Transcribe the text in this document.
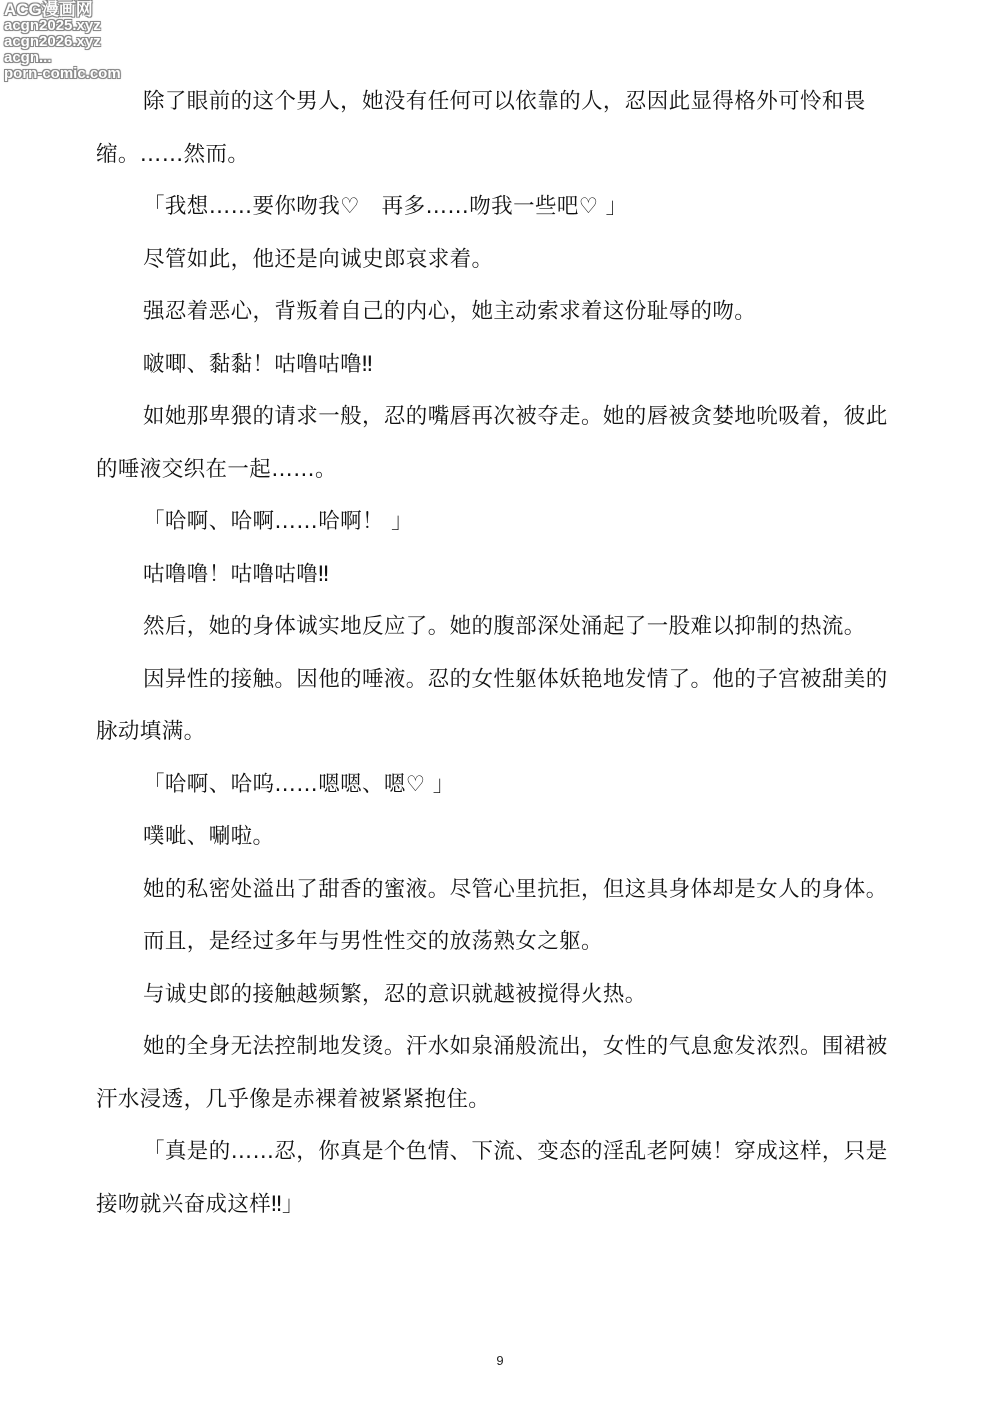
ACG漫画网
acgn2025.xyz
acgn2026.xyz
acgn...
porn-comic.com

除了眼前的这个男人，她没有任何可以依靠的人，忍因此显得格外可怜和畏缩。……然而。

「我想……要你吻我♡　再多……吻我一些吧♡ 」

尽管如此，他还是向诚史郎哀求着。

强忍着恶心，背叛着自己的内心，她主动索求着这份耻辱的吻。

啵唧、黏黏！咕噜咕噜‼

如她那卑猥的请求一般，忍的嘴唇再次被夺走。她的唇被贪婪地吮吸着，彼此的唾液交织在一起……。

「哈啊、哈啊……哈啊！ 」

咕噜噜！咕噜咕噜‼

然后，她的身体诚实地反应了。她的腹部深处涌起了一股难以抑制的热流。

因异性的接触。因他的唾液。忍的女性躯体妖艳地发情了。他的子宫被甜美的脉动填满。

「哈啊、哈呜……嗯嗯、嗯♡ 」

噗呲、唰啦。

她的私密处溢出了甜香的蜜液。尽管心里抗拒，但这具身体却是女人的身体。

而且，是经过多年与男性性交的放荡熟女之躯。

与诚史郎的接触越频繁，忍的意识就越被搅得火热。

她的全身无法控制地发烫。汗水如泉涌般流出，女性的气息愈发浓烈。围裙被汗水浸透，几乎像是赤裸着被紧紧抱住。

「真是的……忍，你真是个色情、下流、变态的淫乱老阿姨！穿成这样，只是接吻就兴奋成这样‼」

9
